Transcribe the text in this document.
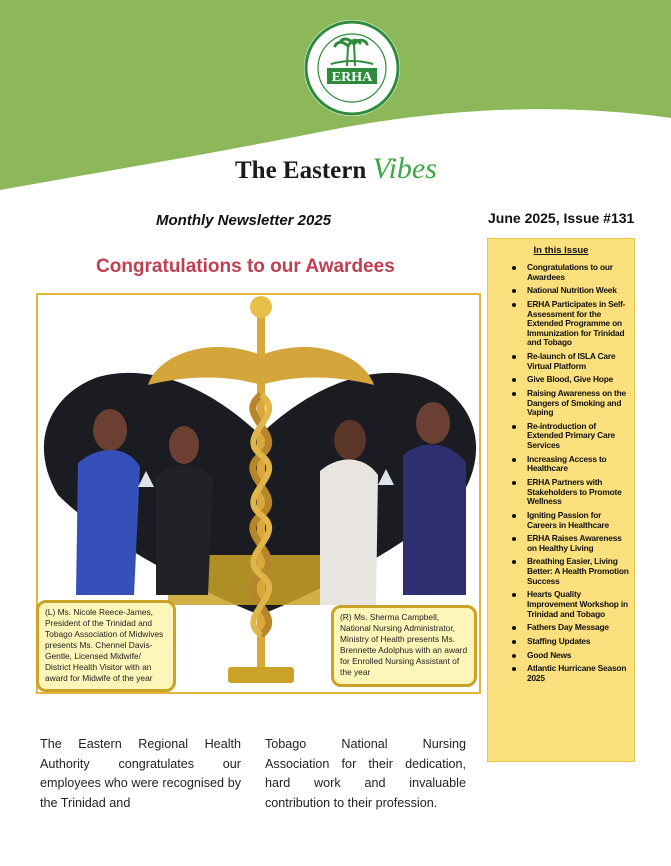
ERHA
The Eastern Vibes
Monthly Newsletter 2025	June 2025, Issue #131
Congratulations to our Awardees
(L) Ms. Nicole Reece-James, President of the Trinidad and Tobago Association of Midwives presents Ms. Chennel Davis-Gentle, Licensed Midwife/ District Health Visitor with an award for Midwife of the year
(R) Ms. Sherma Campbell, National Nursing Administrator, Ministry of Health presents Ms. Brennette Adolphus with an award for Enrolled Nursing Assistant of the year
The Eastern Regional Health Authority congratulates our employees who were recognised by the Trinidad and
Tobago National Nursing Association for their dedication, hard work and invaluable contribution to their profession.
In this Issue
Congratulations to our Awardees
National Nutrition Week
ERHA Participates in Self-Assessment for the Extended Programme on Immunization for Trinidad and Tobago
Re-launch of ISLA Care Virtual Platform
Give Blood, Give Hope
Raising Awareness on the Dangers of Smoking and Vaping
Re-introduction of Extended Primary Care Services
Increasing Access to Healthcare
ERHA Partners with Stakeholders to Promote Wellness
Igniting Passion for Careers in Healthcare
ERHA Raises Awareness on Healthy Living
Breathing Easier, Living Better: A Health Promotion Success
Hearts Quality Improvement Workshop in Trinidad and Tobago
Fathers Day Message
Staffing Updates
Good News
Atlantic Hurricane Season 2025
